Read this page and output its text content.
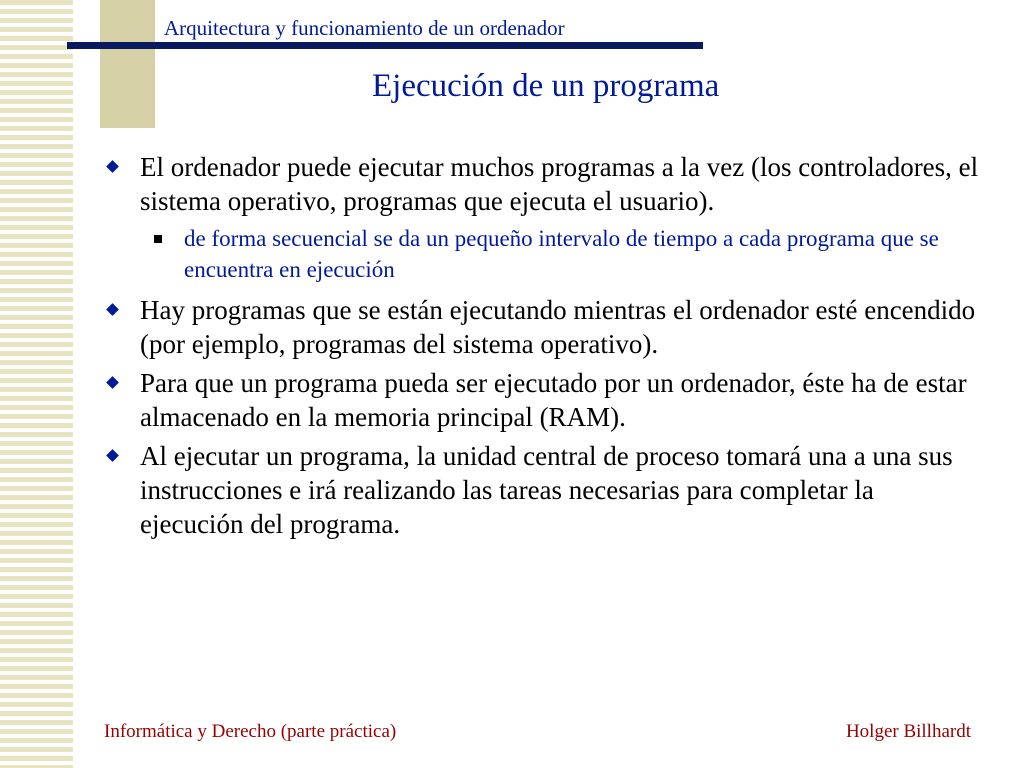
Arquitectura y funcionamiento de un ordenador
Ejecución de un programa
El ordenador puede ejecutar muchos programas a la vez (los controladores, el sistema operativo, programas que ejecuta el usuario).
de forma secuencial se da un pequeño intervalo de tiempo a cada programa que se encuentra en ejecución
Hay programas que se están ejecutando mientras el ordenador esté encendido (por ejemplo, programas del sistema operativo).
Para que un programa pueda ser ejecutado por un ordenador, éste ha de estar almacenado en la memoria principal (RAM).
Al ejecutar un programa, la unidad central de proceso tomará una a una sus instrucciones e irá realizando las tareas necesarias para completar la ejecución del programa.
Informática y Derecho (parte práctica)	Holger Billhardt
